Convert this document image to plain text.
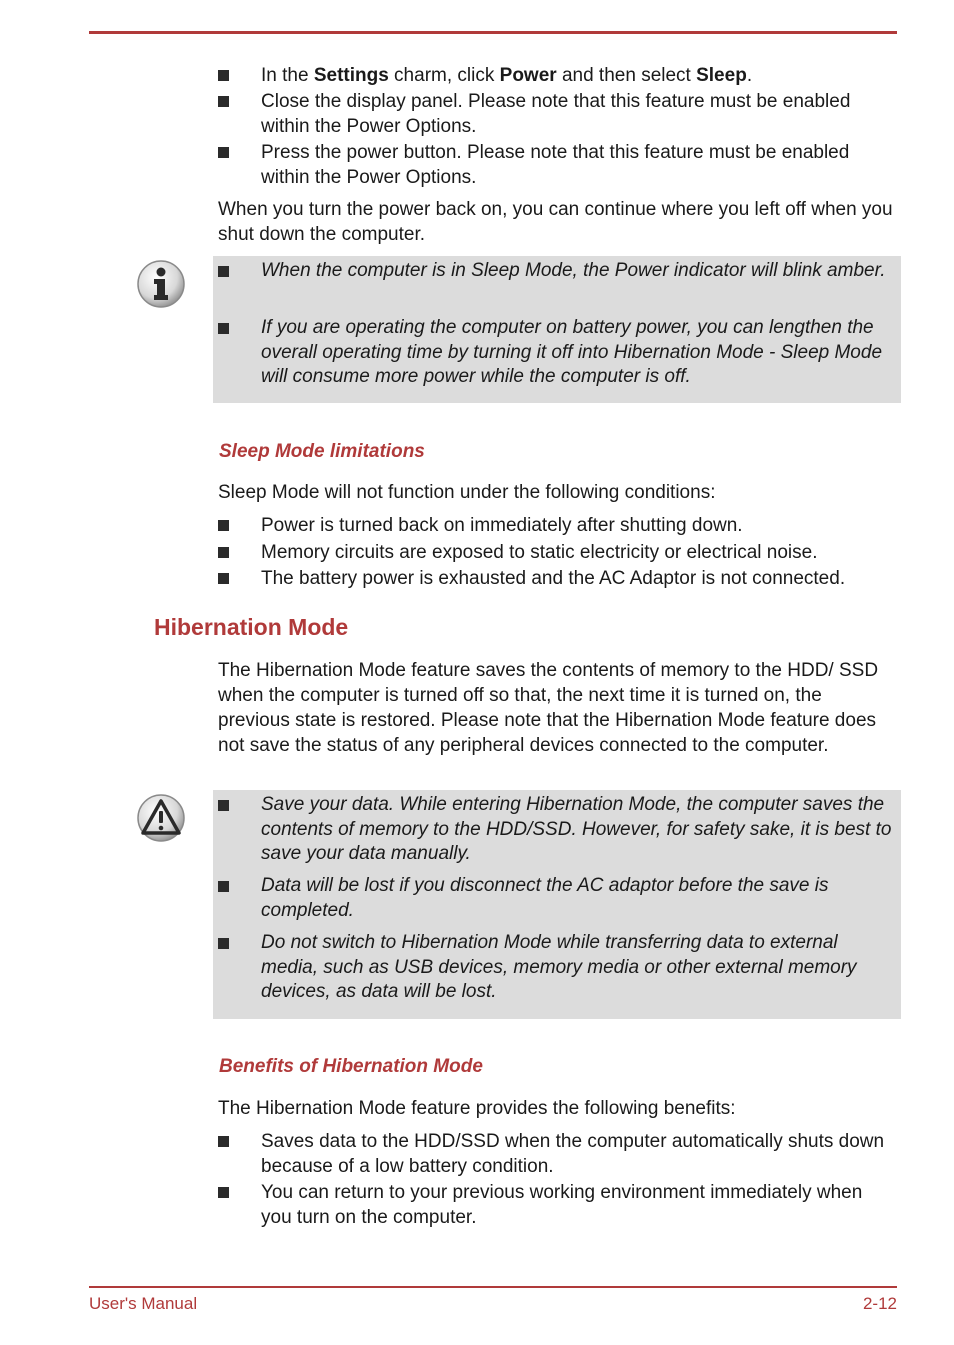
In the Settings charm, click Power and then select Sleep.
Close the display panel. Please note that this feature must be enabled within the Power Options.
Press the power button. Please note that this feature must be enabled within the Power Options.
When you turn the power back on, you can continue where you left off when you shut down the computer.
When the computer is in Sleep Mode, the Power indicator will blink amber.
If you are operating the computer on battery power, you can lengthen the overall operating time by turning it off into Hibernation Mode - Sleep Mode will consume more power while the computer is off.
Sleep Mode limitations
Sleep Mode will not function under the following conditions:
Power is turned back on immediately after shutting down.
Memory circuits are exposed to static electricity or electrical noise.
The battery power is exhausted and the AC Adaptor is not connected.
Hibernation Mode
The Hibernation Mode feature saves the contents of memory to the HDD/ SSD when the computer is turned off so that, the next time it is turned on, the previous state is restored. Please note that the Hibernation Mode feature does not save the status of any peripheral devices connected to the computer.
Save your data. While entering Hibernation Mode, the computer saves the contents of memory to the HDD/SSD. However, for safety sake, it is best to save your data manually.
Data will be lost if you disconnect the AC adaptor before the save is completed.
Do not switch to Hibernation Mode while transferring data to external media, such as USB devices, memory media or other external memory devices, as data will be lost.
Benefits of Hibernation Mode
The Hibernation Mode feature provides the following benefits:
Saves data to the HDD/SSD when the computer automatically shuts down because of a low battery condition.
You can return to your previous working environment immediately when you turn on the computer.
User's Manual	2-12
